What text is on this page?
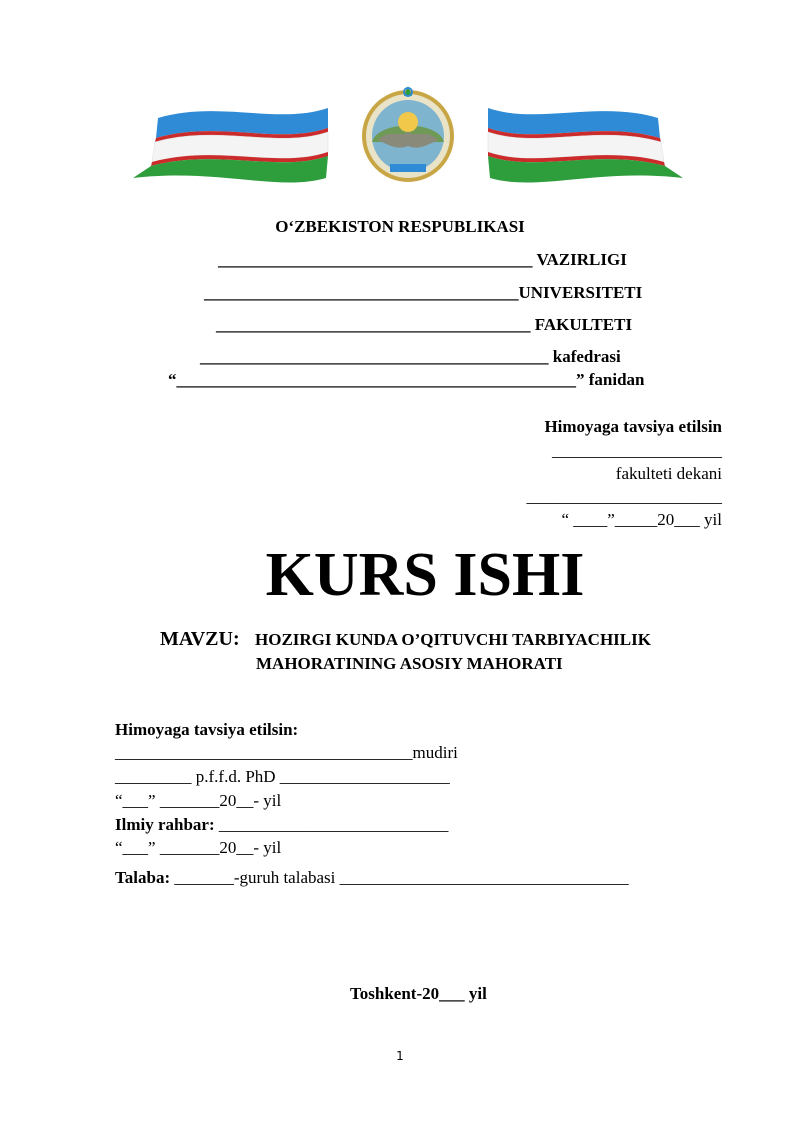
O‘ZBEKISTON RESPUBLIKASI
_____________________________________ VAZIRLIGI
_____________________________________UNIVERSITETI
_____________________________________ FAKULTETI
_________________________________________ kafedrasi
“_______________________________________________” fanidan
Himoyaga tavsiya etilsin
____________________
fakulteti dekani
_______________________
“ ____”_____20___ yil
KURS ISHI
MAVZU: HOZIRGI KUNDA O’QITUVCHI TARBIYACHILIK
MAHORATINING ASOSIY MAHORATI
Himoyaga tavsiya etilsin:
___________________________________mudiri
_________ p.f.f.d. PhD ____________________
“___” _______20__- yil
Ilmiy rahbar: ___________________________
“___” _______20__- yil
Talaba: _______-guruh talabasi __________________________________
Toshkent-20___ yil
1
